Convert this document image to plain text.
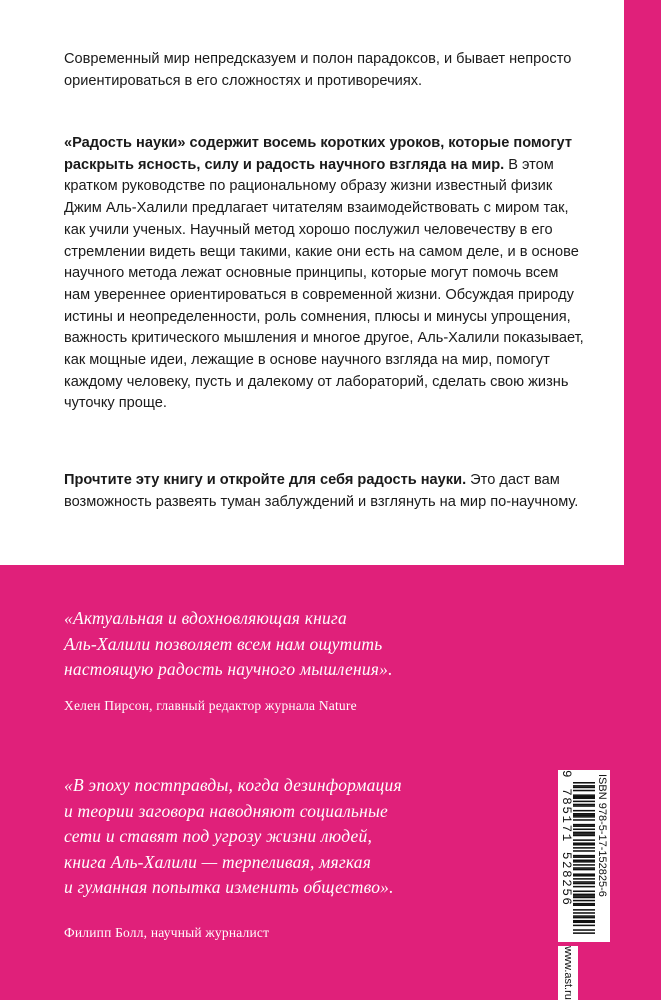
Современный мир непредсказуем и полон парадоксов, и бывает непросто ориентироваться в его сложностях и противоречиях.

«Радость науки» содержит восемь коротких уроков, которые помогут раскрыть ясность, силу и радость научного взгляда на мир. В этом кратком руководстве по рациональному образу жизни известный физик Джим Аль-Халили предлагает читателям взаимодействовать с миром так, как учили ученых. Научный метод хорошо послужил человечеству в его стремлении видеть вещи такими, какие они есть на самом деле, и в основе научного метода лежат основные принципы, которые могут помочь всем нам увереннее ориентироваться в современной жизни. Обсуждая природу истины и неопределенности, роль сомнения, плюсы и минусы упрощения, важность критического мышления и многое другое, Аль-Халили показывает, как мощные идеи, лежащие в основе научного взгляда на мир, помогут каждому человеку, пусть и далекому от лабораторий, сделать свою жизнь чуточку проще.

Прочтите эту книгу и откройте для себя радость науки. Это даст вам возможность развеять туман заблуждений и взглянуть на мир по-научному.

«Актуальная и вдохновляющая книга
Аль-Халили позволяет всем нам ощутить
настоящую радость научного мышления».
Хелен Пирсон, главный редактор журнала Nature
«В эпоху постправды, когда дезинформация
и теории заговора наводняют социальные
сети и ставят под угрозу жизни людей,
книга Аль-Халили — терпеливая, мягкая
и гуманная попытка изменить общество».
Филипп Болл, научный журналист
ISBN 978-5-17-152825-6
9 785171 528256
www.ast.ru
